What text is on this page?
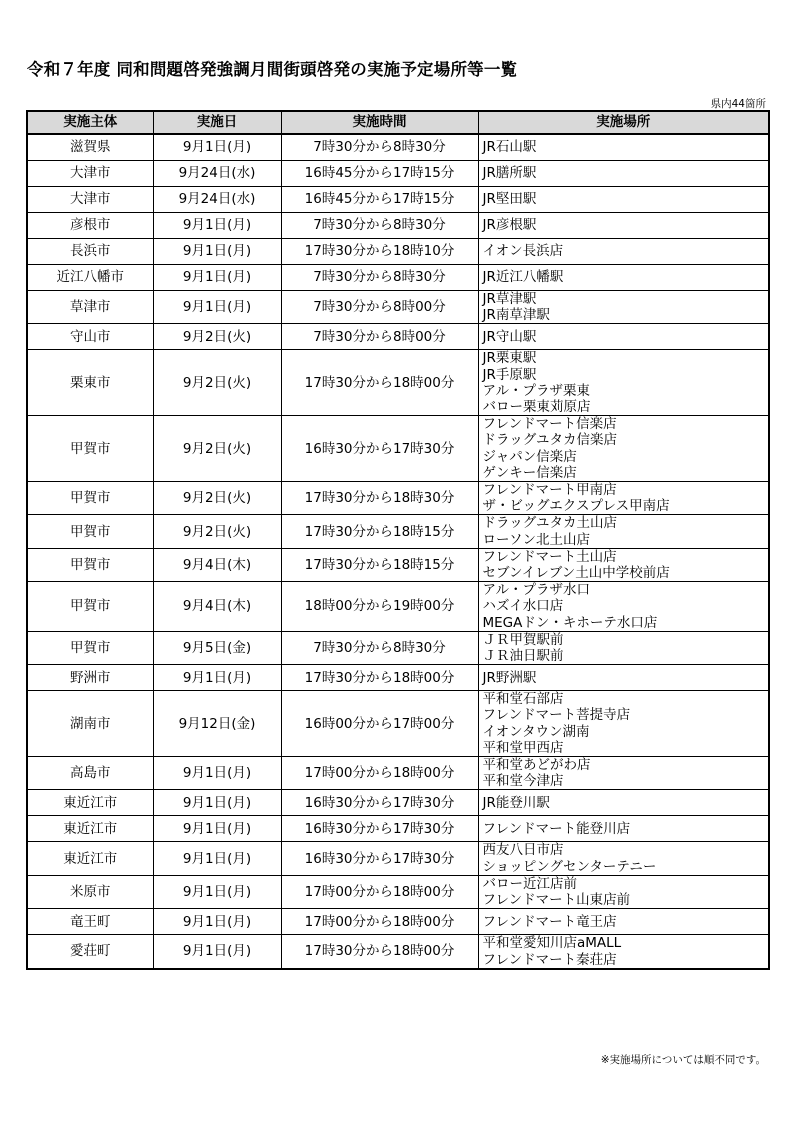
令和７年度 同和問題啓発強調月間街頭啓発の実施予定場所等一覧
県内44箇所
実施主体	実施日	実施時間	実施場所
滋賀県	9月1日(月)	7時30分から8時30分	JR石山駅

大津市	9月24日(水)	16時45分から17時15分	JR膳所駅

大津市	9月24日(水)	16時45分から17時15分	JR堅田駅

彦根市	9月1日(月)	7時30分から8時30分	JR彦根駅

長浜市	9月1日(月)	17時30分から18時10分	イオン長浜店

近江八幡市	9月1日(月)	7時30分から8時30分	JR近江八幡駅

草津市	9月1日(月)	7時30分から8時00分	JR草津駅
JR南草津駅

守山市	9月2日(火)	7時30分から8時00分	JR守山駅

栗東市	9月2日(火)	17時30分から18時00分	JR栗東駅
JR手原駅
アル・プラザ栗東
バロー栗東苅原店

甲賀市	9月2日(火)	16時30分から17時30分	フレンドマート信楽店
ドラッグユタカ信楽店
ジャパン信楽店
ゲンキー信楽店

甲賀市	9月2日(火)	17時30分から18時30分	フレンドマート甲南店
ザ・ビッグエクスプレス甲南店

甲賀市	9月2日(火)	17時30分から18時15分	ドラッグユタカ土山店
ローソン北土山店

甲賀市	9月4日(木)	17時30分から18時15分	フレンドマート土山店
セブンイレブン土山中学校前店

甲賀市	9月4日(木)	18時00分から19時00分	アル・プラザ水口
ハズイ水口店
MEGAドン・キホーテ水口店

甲賀市	9月5日(金)	7時30分から8時30分	ＪＲ甲賀駅前
ＪＲ油日駅前

野洲市	9月1日(月)	17時30分から18時00分	JR野洲駅

湖南市	9月12日(金)	16時00分から17時00分	平和堂石部店
フレンドマート菩提寺店
イオンタウン湖南
平和堂甲西店

高島市	9月1日(月)	17時00分から18時00分	平和堂あどがわ店
平和堂今津店

東近江市	9月1日(月)	16時30分から17時30分	JR能登川駅

東近江市	9月1日(月)	16時30分から17時30分	フレンドマート能登川店

東近江市	9月1日(月)	16時30分から17時30分	西友八日市店
ショッピングセンターテニー

米原市	9月1日(月)	17時00分から18時00分	バロー近江店前
フレンドマート山東店前

竜王町	9月1日(月)	17時00分から18時00分	フレンドマート竜王店

愛荘町	9月1日(月)	17時30分から18時00分	平和堂愛知川店aMALL
フレンドマート秦荘店
※実施場所については順不同です。
